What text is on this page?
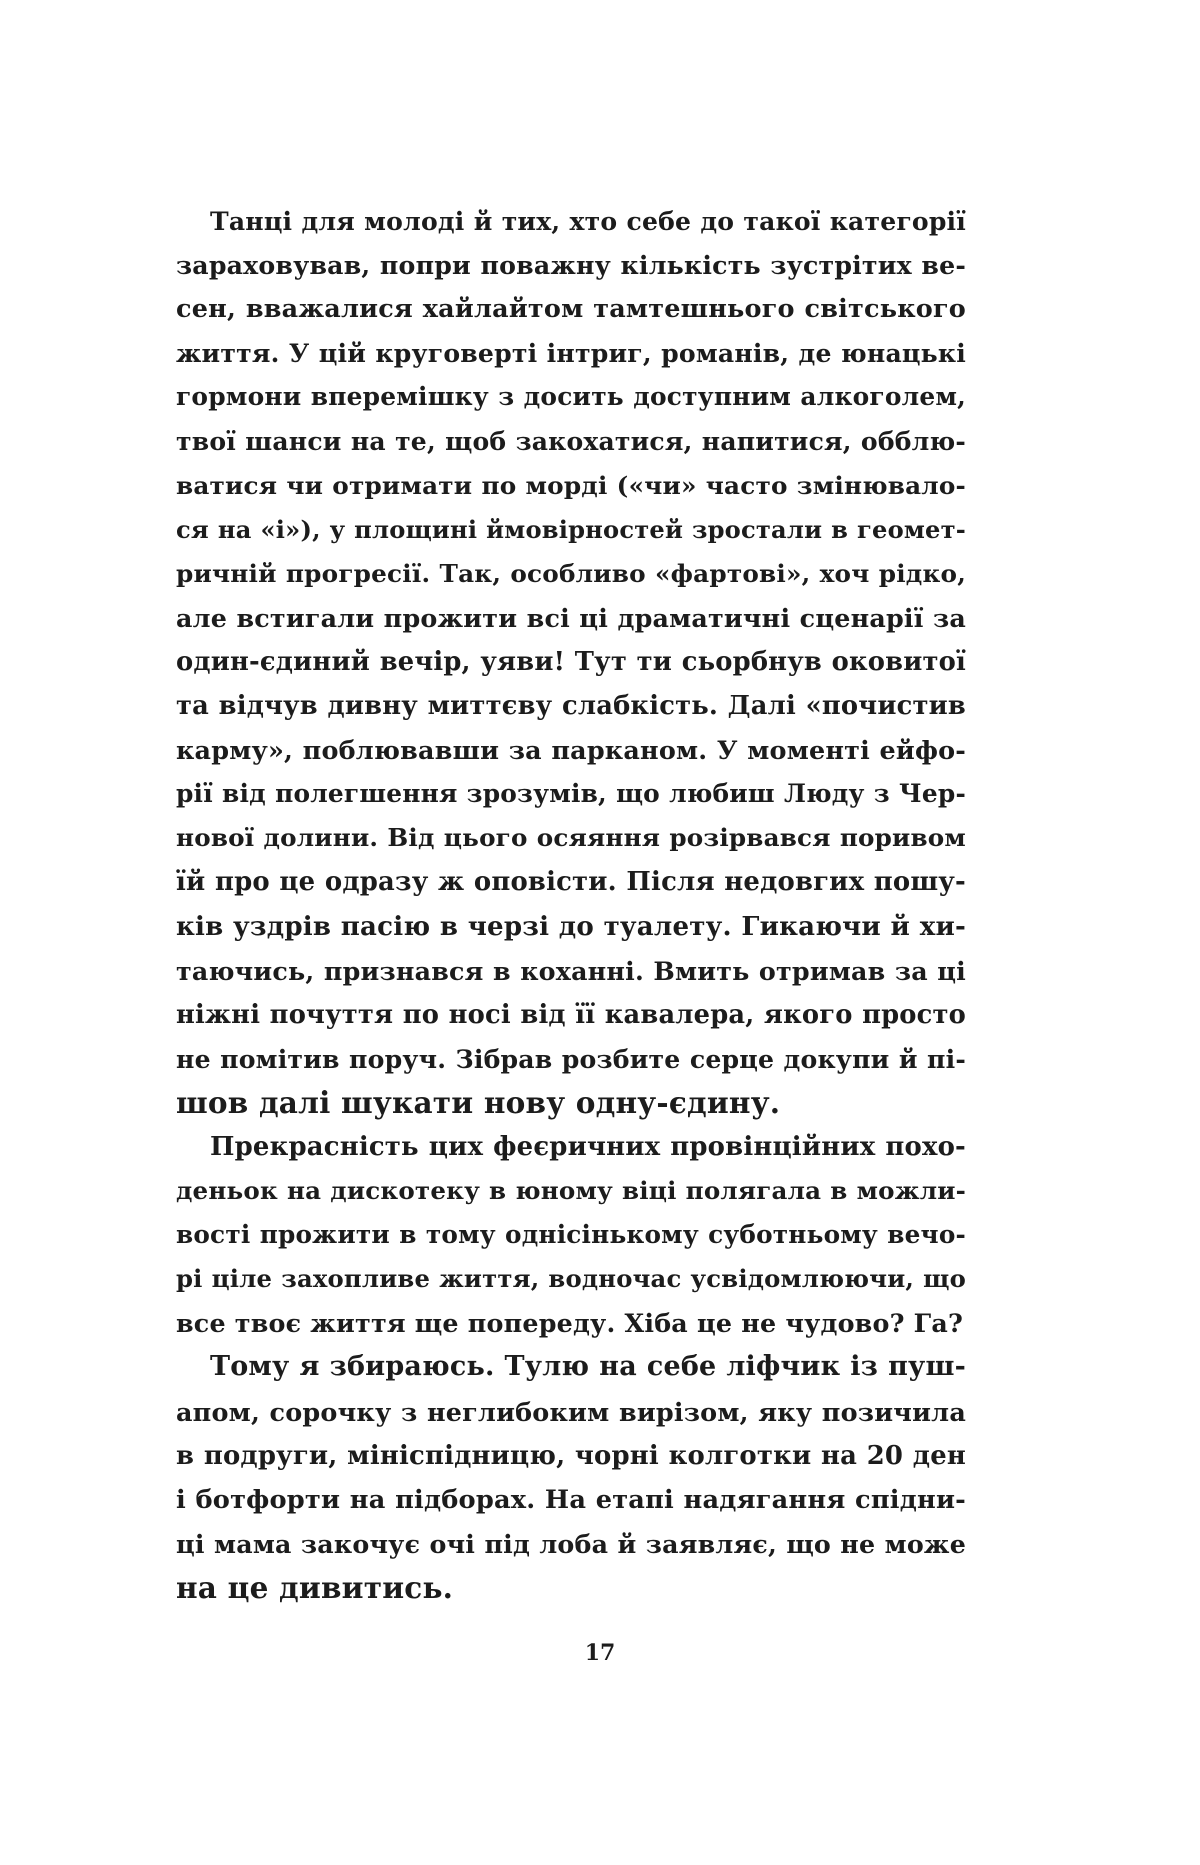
Танці для молоді й тих, хто себе до такої категорії
зараховував, попри поважну кількість зустрітих ве-
сен, вважалися хайлайтом тамтешнього світського
життя. У цій круговерті інтриг, романів, де юнацькі
гормони вперемішку з досить доступним алкоголем,
твої шанси на те, щоб закохатися, напитися, обблю-
ватися чи отримати по морді («чи» часто змінювало-
ся на «і»), у площині ймовірностей зростали в геомет-
ричній прогресії. Так, особливо «фартові», хоч рідко,
але встигали прожити всі ці драматичні сценарії за
один-єдиний вечір, уяви! Тут ти сьорбнув оковитої
та відчув дивну миттєву слабкість. Далі «почистив
карму», поблювавши за парканом. У моменті ейфо-
рії від полегшення зрозумів, що любиш Люду з Чер-
нової долини. Від цього осяяння розірвався поривом
їй про це одразу ж оповісти. Після недовгих пошу-
ків уздрів пасію в черзі до туалету. Гикаючи й хи-
таючись, признався в коханні. Вмить отримав за ці
ніжні почуття по носі від її кавалера, якого просто
не помітив поруч. Зібрав розбите серце докупи й пі-
шов далі шукати нову одну-єдину.
Прекрасність цих феєричних провінційних похо-
деньок на дискотеку в юному віці полягала в можли-
вості прожити в тому однісінькому суботньому вечо-
рі ціле захопливе життя, водночас усвідомлюючи, що
все твоє життя ще попереду. Хіба це не чудово? Га?
Тому я збираюсь. Тулю на себе ліфчик із пуш-
апом, сорочку з неглибоким вирізом, яку позичила
в подруги, мініспідницю, чорні колготки на 20 ден
і ботфорти на підборах. На етапі надягання спідни-
ці мама закочує очі під лоба й заявляє, що не може
на це дивитись.
17
